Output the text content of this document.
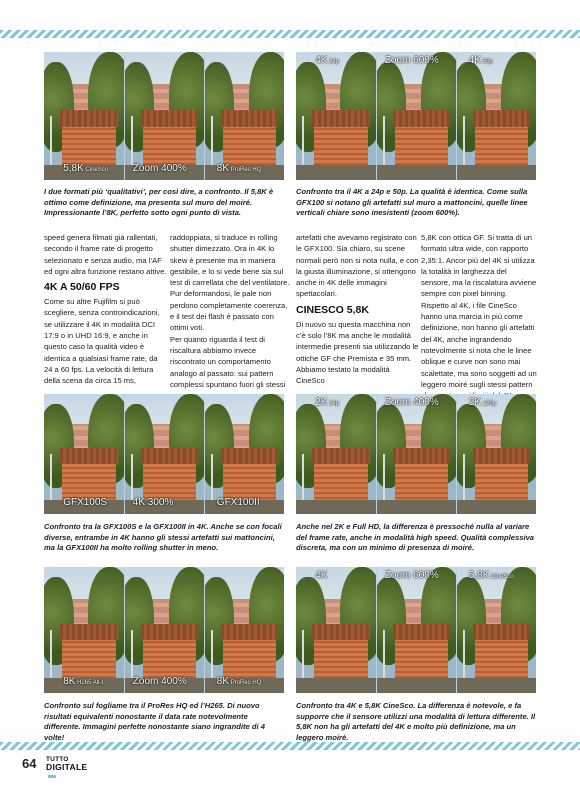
5,8K CineSco Zoom 400%	8K ProRes HQ
4K 24p	Zoom 600%	4K 50p
I due formati più ‘qualitativi’, per così dire, a confronto. Il 5,8K è ottimo come definizione, ma presenta sul muro del moiré. Impressionante l’8K, perfetto sotto ogni punto di vista.
Confronto tra il 4K a 24p e 50p. La qualità è identica. Come sulla GFX100 si notano gli artefatti sul muro a mattoncini, quelle linee verticali chiare sono inesistenti (zoom 600%).
speed genera filmati già rallentati, secondo il frame rate di progetto selezionato e senza audio, ma l’AF ed ogni altra funzione restano attive.
4K A 50/60 FPS
Come su altre Fujifilm si può scegliere, senza controindicazioni, se utilizzare il 4K in modalità DCI 17:9 o in UHD 16:9, e anche in questo caso la qualità video è identica a qualsiasi frame rate, da 24 a 60 fps. La velocità di lettura della scena da circa 15 ms,
raddoppiata, si traduce in rolling shutter dimezzato. Ora in 4K lo skew è presente ma in maniera gestibile, e lo si vede bene sia sul test di carrellata che del ventilatore. Pur deformandosi, le pale non perdono completamente coerenza, e il test dei flash è passato con ottimi voti.
Per quanto riguarda il test di riscaltura abbiamo invece riscontrato un comportamento analogo al passato: sui pattern complessi spuntano fuori gli stessi
artefatti che avevamo registrato con le GFX100. Sia chiaro, su scene normali però non si nota nulla, e con la giusta illuminazione, si ottengono anche in 4K delle immagini spettacolari.
CINESCO 5,8K
Di nuovo su questa macchina non c’è solo l’8K ma anche le modalità intermedie presenti sia utilizzando le ottiche GF che Premista e 35 mm. Abbiamo testato la modalità CineSco
5,8K con ottica GF. Si tratta di un formato ultra wide, con rapporto 2,35:1. Ancor più del 4K si utilizza la totalità in larghezza del sensore, ma la riscalatura avviene sempre con pixel binning. Rispetto al 4K, i file CineSco hanno una marcia in più come definizione, non hanno gli artefatti del 4K, anche ingrandendo notevolmente si nota che le linee oblique e curve non sono mai scalettate, ma sono soggetti ad un leggero moiré sugli stessi pattern
GFX100S	4K 300%	GFX100II
2K 24p	Zoom 400%	2K 120p
Confronto tra la GFX100S e la GFX100II in 4K. Anche se con focali diverse, entrambe in 4K hanno gli stessi artefatti sui mattoncini, ma la GFX100II ha molto rolling shutter in meno.
Anche nel 2K e Full HD, la differenza è pressoché nulla al variare del frame rate, anche in modalità high speed. Qualità complessiva discreta, ma con un minimo di presenza di moiré.
8K H265 All-I	Zoom 400%	8K ProRes HQ
4K	Zoom 600%	5,8K CineSco
Confronto sul fogliame tra il ProRes HQ ed l’H265. Di nuovo risultati equivalenti nonostante il data rate notevolmente differente. Immagini perfette nonostante siano ingrandite di 4 volte!
Confronto tra 4K e 5,8K CineSco. La differenza è notevole, e fa supporre che il sensore utilizzi una modalità di lettura differente. Il 5,8K non ha gli artefatti del 4K e molto più definizione, ma un leggero moiré.
64 TUTTO
DIGITALE
